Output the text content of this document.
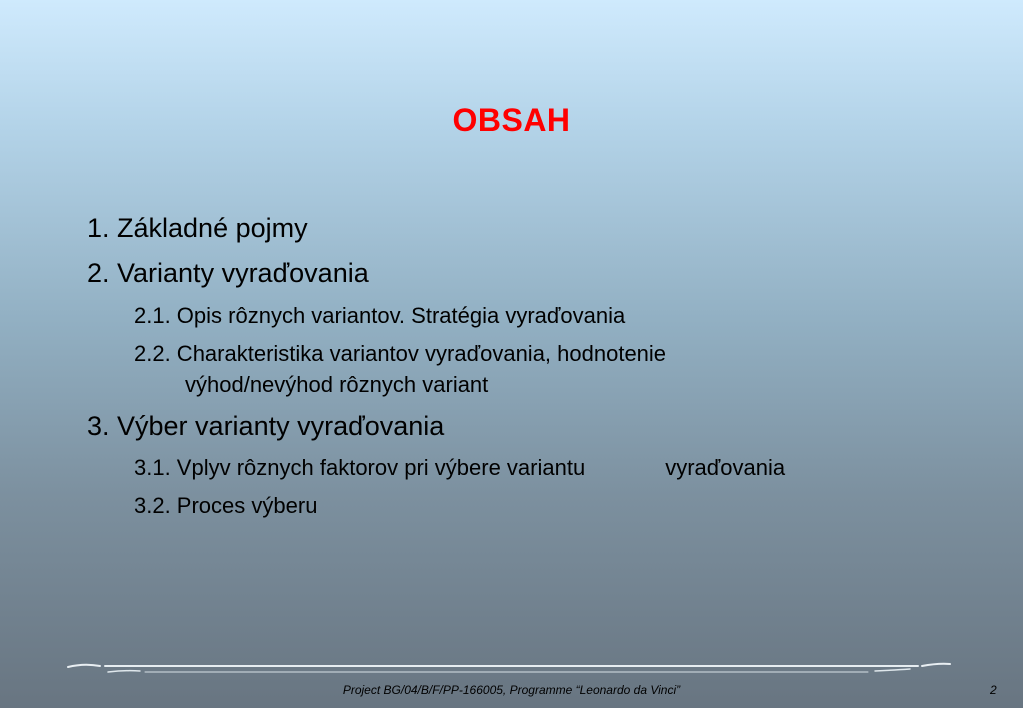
OBSAH
1. Základné pojmy
2. Varianty vyraďovania
2.1. Opis rôznych variantov. Stratégia vyraďovania
2.2. Charakteristika variantov vyraďovania, hodnotenie
výhod/nevýhod rôznych variant
3. Výber varianty vyraďovania
3.1. Vplyv rôznych faktorov pri výbere variantu	vyraďovania
3.2. Proces výberu
Project BG/04/B/F/PP-166005, Programme “Leonardo da Vinci”	2
